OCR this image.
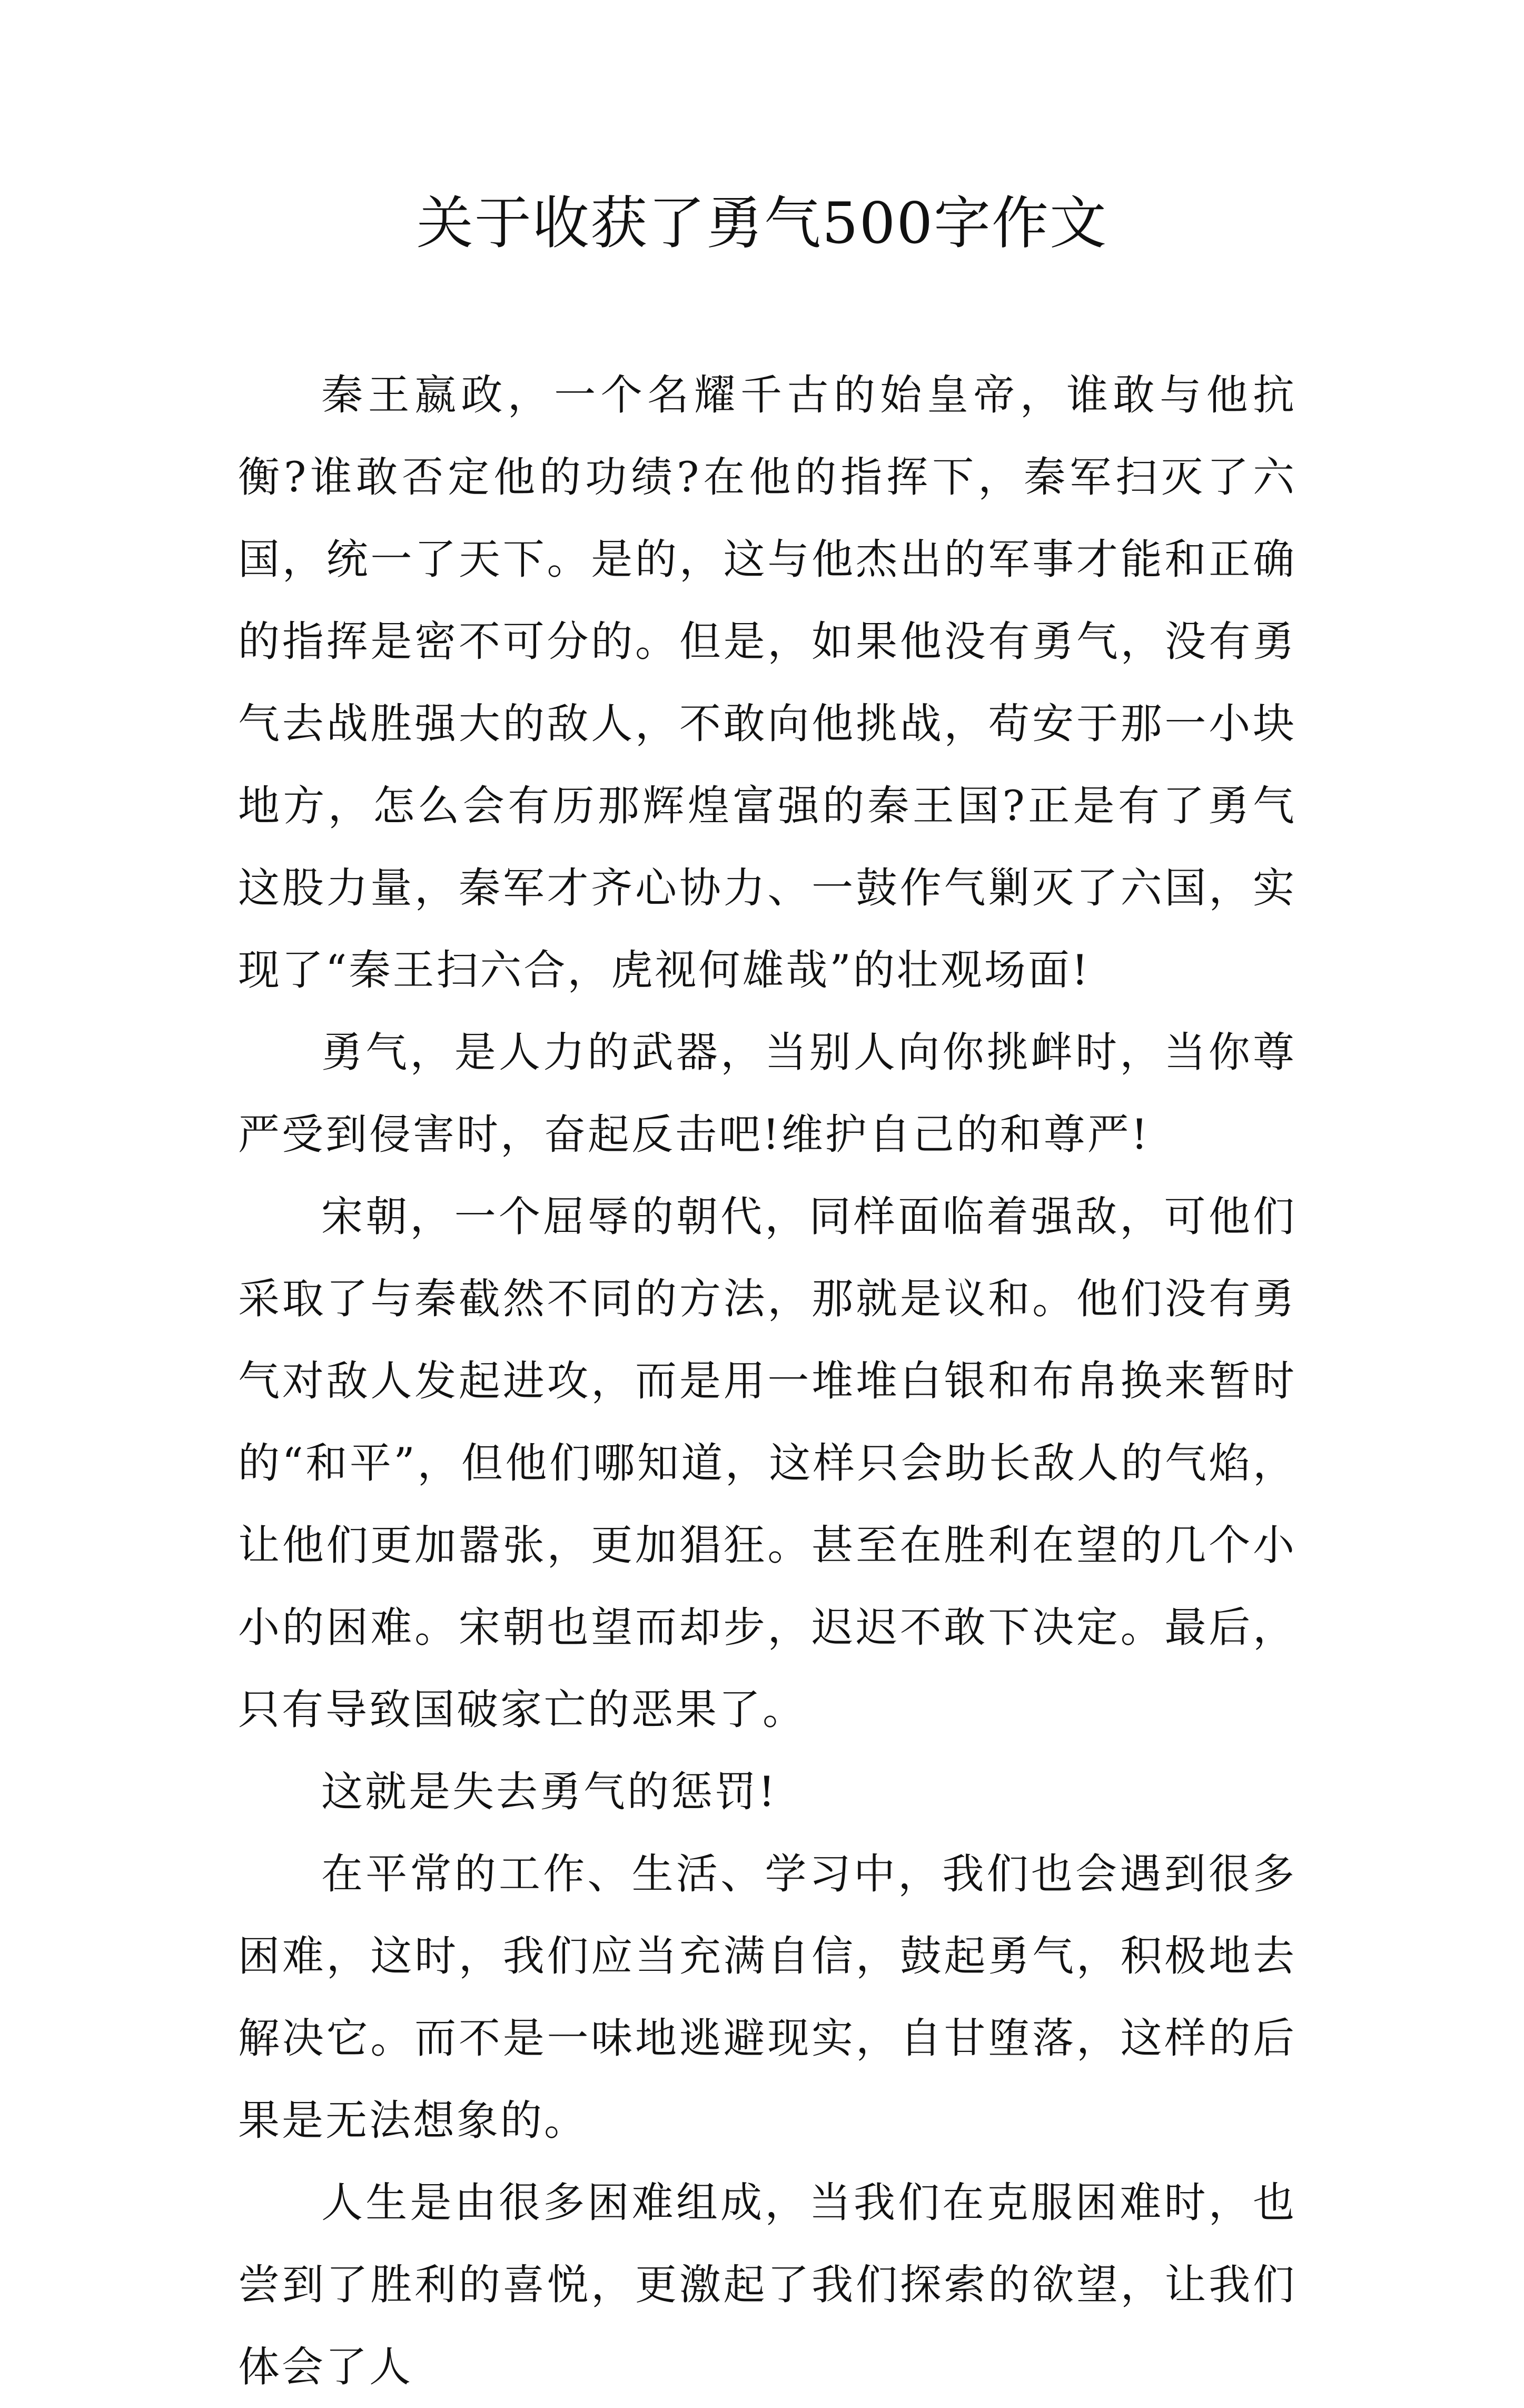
关于收获了勇气500字作文

秦王嬴政，一个名耀千古的始皇帝，谁敢与他抗衡?谁敢否定他的功绩?在他的指挥下，秦军扫灭了六国，统一了天下。是的，这与他杰出的军事才能和正确的指挥是密不可分的。但是，如果他没有勇气，没有勇气去战胜强大的敌人，不敢向他挑战，苟安于那一小块地方，怎么会有历那辉煌富强的秦王国?正是有了勇气这股力量，秦军才齐心协力、一鼓作气剿灭了六国，实现了“秦王扫六合，虎视何雄哉”的壮观场面!

勇气，是人力的武器，当别人向你挑衅时，当你尊严受到侵害时，奋起反击吧!维护自己的和尊严!

宋朝，一个屈辱的朝代，同样面临着强敌，可他们采取了与秦截然不同的方法，那就是议和。他们没有勇气对敌人发起进攻，而是用一堆堆白银和布帛换来暂时的“和平”，但他们哪知道，这样只会助长敌人的气焰，让他们更加嚣张，更加猖狂。甚至在胜利在望的几个小小的困难。宋朝也望而却步，迟迟不敢下决定。最后，只有导致国破家亡的恶果了。

这就是失去勇气的惩罚!

在平常的工作、生活、学习中，我们也会遇到很多困难，这时，我们应当充满自信，鼓起勇气，积极地去解决它。而不是一味地逃避现实，自甘堕落，这样的后果是无法想象的。

人生是由很多困难组成，当我们在克服困难时，也尝到了胜利的喜悦，更激起了我们探索的欲望，让我们体会了人
